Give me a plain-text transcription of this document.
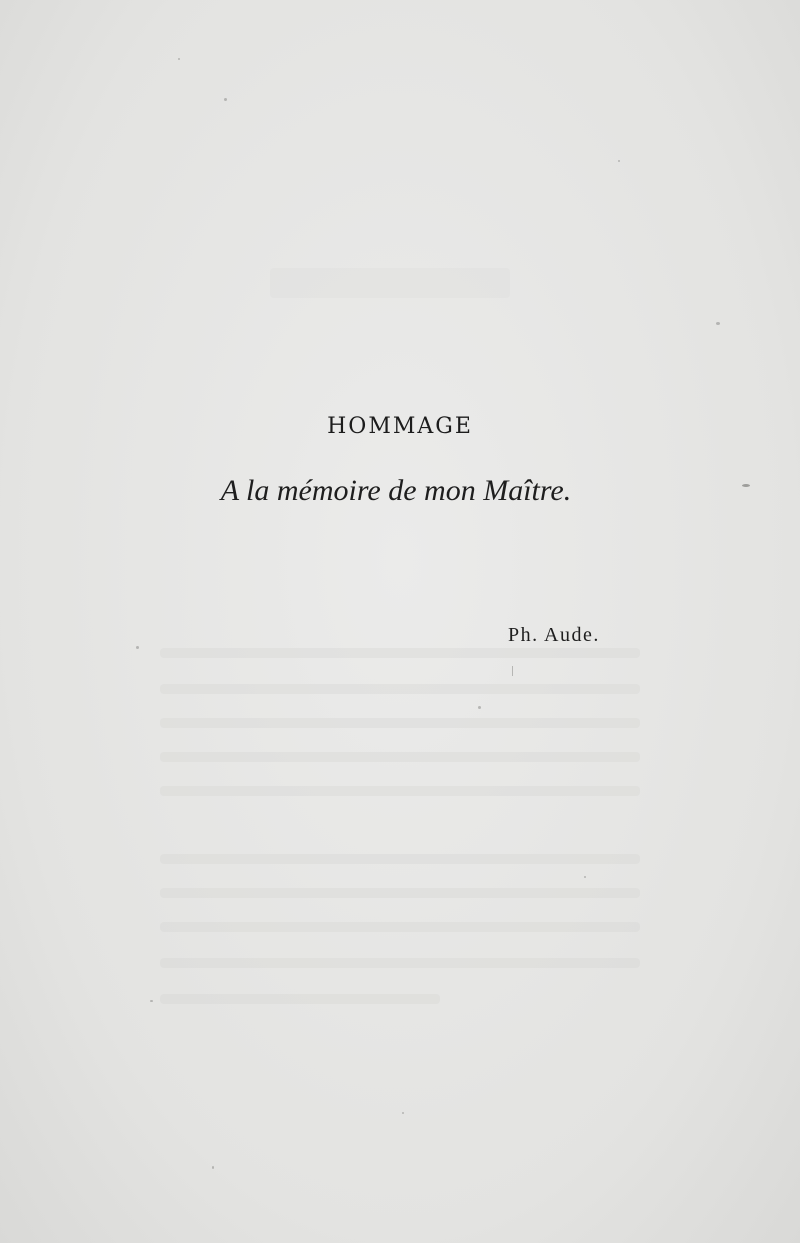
HOMMAGE
A la mémoire de mon Maître.
Ph. Aude.
